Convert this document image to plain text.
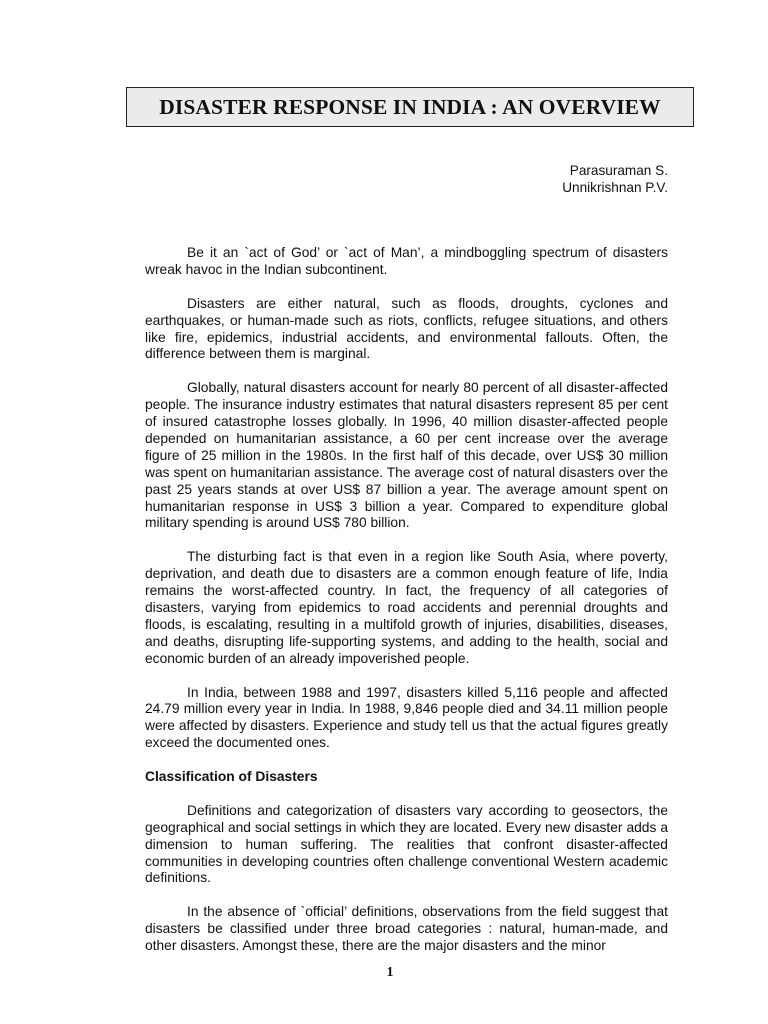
DISASTER RESPONSE IN INDIA : AN OVERVIEW
Parasuraman S.
Unnikrishnan P.V.

Be it an `act of God’ or `act of Man’, a mindboggling spectrum of disasters wreak havoc in the Indian subcontinent.

Disasters are either natural, such as floods, droughts, cyclones and earthquakes, or human-made such as riots, conflicts, refugee situations, and others like fire, epidemics, industrial accidents, and environmental fallouts. Often, the difference between them is marginal.

Globally, natural disasters account for nearly 80 percent of all disaster-affected people. The insurance industry estimates that natural disasters represent 85 per cent of insured catastrophe losses globally. In 1996, 40 million disaster-affected people depended on humanitarian assistance, a 60 per cent increase over the average figure of 25 million in the 1980s. In the first half of this decade, over US$ 30 million was spent on humanitarian assistance. The average cost of natural disasters over the past 25 years stands at over US$ 87 billion a year. The average amount spent on humanitarian response in US$ 3 billion a year. Compared to expenditure global military spending is around US$ 780 billion.

The disturbing fact is that even in a region like South Asia, where poverty, deprivation, and death due to disasters are a common enough feature of life, India remains the worst-affected country. In fact, the frequency of all categories of disasters, varying from epidemics to road accidents and perennial droughts and floods, is escalating, resulting in a multifold growth of injuries, disabilities, diseases, and deaths, disrupting life-supporting systems, and adding to the health, social and economic burden of an already impoverished people.

In India, between 1988 and 1997, disasters killed 5,116 people and affected 24.79 million every year in India. In 1988, 9,846 people died and 34.11 million people were affected by disasters. Experience and study tell us that the actual figures greatly exceed the documented ones.

Classification of Disasters

Definitions and categorization of disasters vary according to geosectors, the geographical and social settings in which they are located. Every new disaster adds a dimension to human suffering. The realities that confront disaster-affected communities in developing countries often challenge conventional Western academic definitions.

In the absence of `official’ definitions, observations from the field suggest that disasters be classified under three broad categories : natural, human-made, and other disasters. Amongst these, there are the major disasters and the minor

1
